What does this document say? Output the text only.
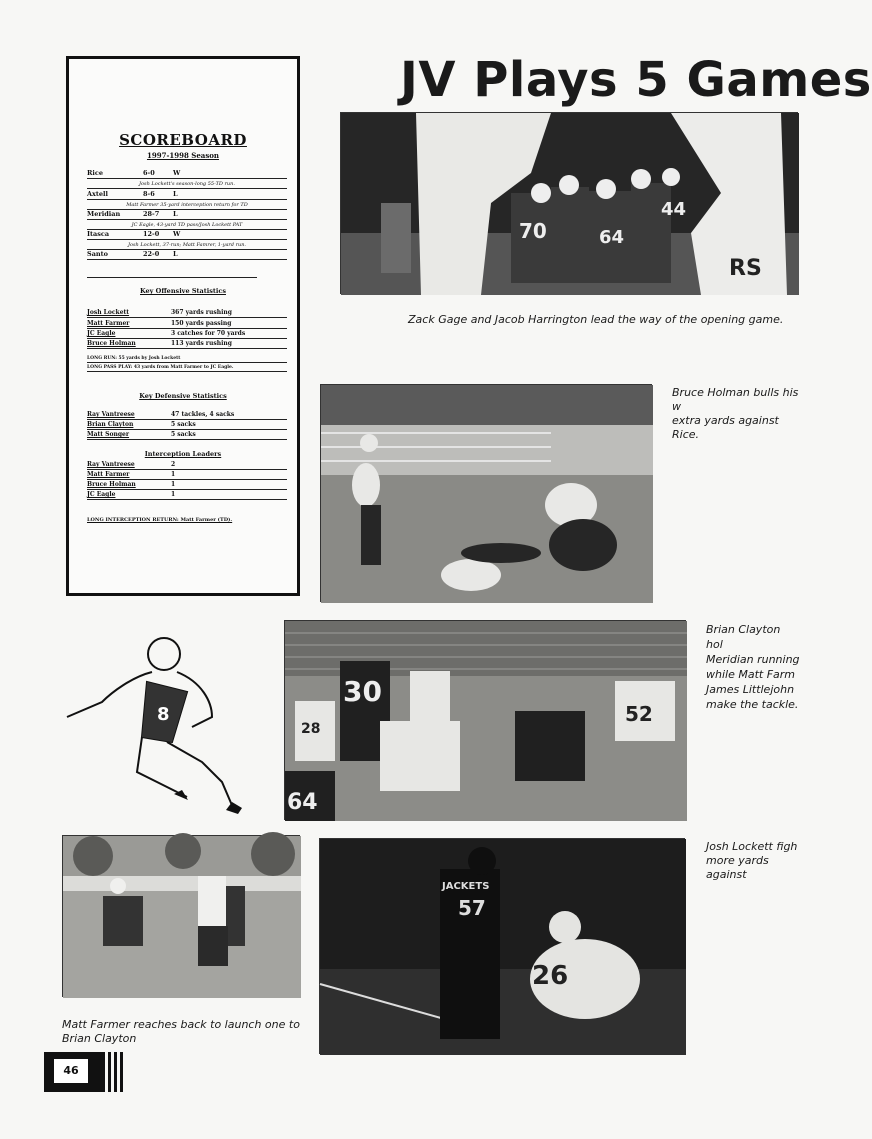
JV Plays 5 Games
SCOREBOARD
1997-1998 Season
Rice	6-0	W
Josh Lockett's season-long 55-TD run.
Axtell	8-6	L
Matt Farmer 35-yard interception return for TD
Meridian	28-7 L
JC Eagle, 43-yard TD pass/Josh Lockett PAT
Itasca	12-0 W
Josh Lockett, 37-run; Matt Famrer, 1-yard run.
Santo	22-0 L
Key Offensive Statistics
Josh Lockett	367 yards rushing
Matt Farmer	150 yards passing
JC Eagle	3 catches for 70 yards
Bruce Holman	113 yards rushing
LONG RUN: 55 yards by Josh Lockett
LONG PASS PLAY: 43 yards from Matt Farmer to JC Eagle.
Key Defensive Statistics
Ray Vantreese	47 tackles, 4 sacks
Brian Clayton	5 sacks
Matt Songer	5 sacks
Interception Leaders
Ray Vantreese	2
Matt Farmer	1
Bruce Holman	1
JC Eagle	1
LONG INTERCEPTION RETURN: Matt Farmer (TD).
70	64
44
RS
Zack Gage and Jacob Harrington lead the way of the opening game.
Bruce Holman bulls his w
extra yards against Rice.
8
30
28
52
64
Brian Clayton hol
Meridian running
while Matt Farm
James Littlejohn
make the tackle.
Matt Farmer reaches back to launch one to
Brian Clayton
JACKETS
57
26
Josh Lockett figh
more yards against
46
